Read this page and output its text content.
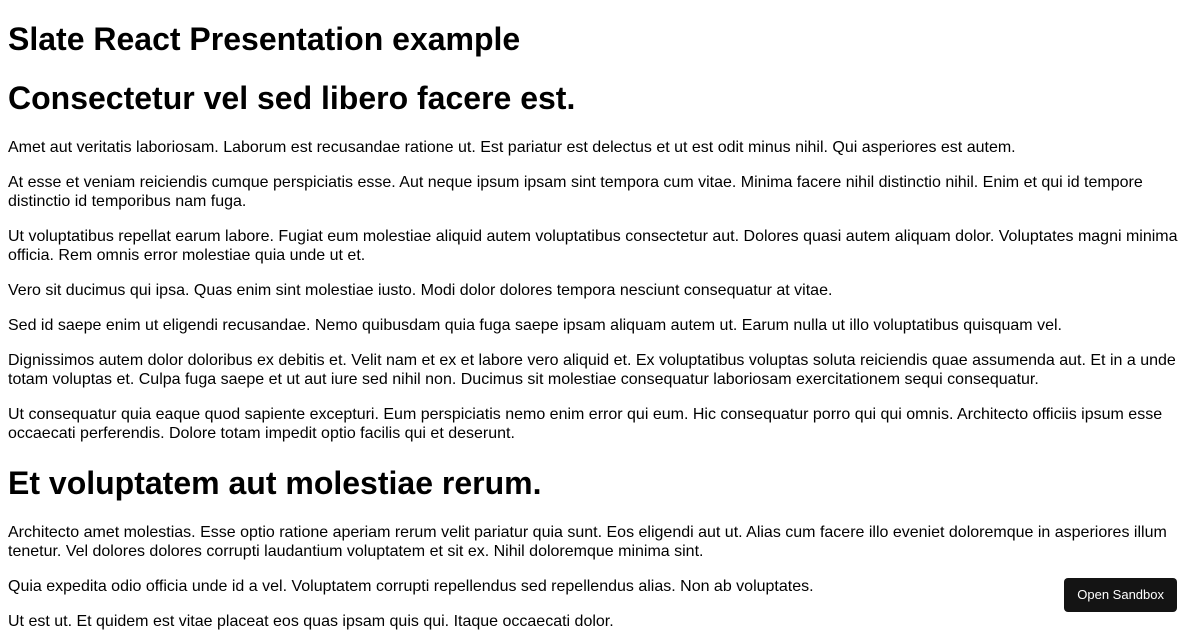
Slate React Presentation example
Consectetur vel sed libero facere est.

Amet aut veritatis laboriosam. Laborum est recusandae ratione ut. Est pariatur est delectus et ut est odit minus nihil. Qui asperiores est autem.

At esse et veniam reiciendis cumque perspiciatis esse. Aut neque ipsum ipsam sint tempora cum vitae. Minima facere nihil distinctio nihil. Enim et qui id tempore distinctio id temporibus nam fuga.

Ut voluptatibus repellat earum labore. Fugiat eum molestiae aliquid autem voluptatibus consectetur aut. Dolores quasi autem aliquam dolor. Voluptates magni minima officia. Rem omnis error molestiae quia unde ut et.

Vero sit ducimus qui ipsa. Quas enim sint molestiae iusto. Modi dolor dolores tempora nesciunt consequatur at vitae.

Sed id saepe enim ut eligendi recusandae. Nemo quibusdam quia fuga saepe ipsam aliquam autem ut. Earum nulla ut illo voluptatibus quisquam vel.

Dignissimos autem dolor doloribus ex debitis et. Velit nam et ex et labore vero aliquid et. Ex voluptatibus voluptas soluta reiciendis quae assumenda aut. Et in a unde totam voluptas et. Culpa fuga saepe et ut aut iure sed nihil non. Ducimus sit molestiae consequatur laboriosam exercitationem sequi consequatur.

Ut consequatur quia eaque quod sapiente excepturi. Eum perspiciatis nemo enim error qui eum. Hic consequatur porro qui qui omnis. Architecto officiis ipsum esse occaecati perferendis. Dolore totam impedit optio facilis qui et deserunt.

Et voluptatem aut molestiae rerum.

Architecto amet molestias. Esse optio ratione aperiam rerum velit pariatur quia sunt. Eos eligendi aut ut. Alias cum facere illo eveniet doloremque in asperiores illum tenetur. Vel dolores dolores corrupti laudantium voluptatem et sit ex. Nihil doloremque minima sint.

Quia expedita odio officia unde id a vel. Voluptatem corrupti repellendus sed repellendus alias. Non ab voluptates.

Ut est ut. Et quidem est vitae placeat eos quas ipsam quis qui. Itaque occaecati dolor.

Open Sandbox
